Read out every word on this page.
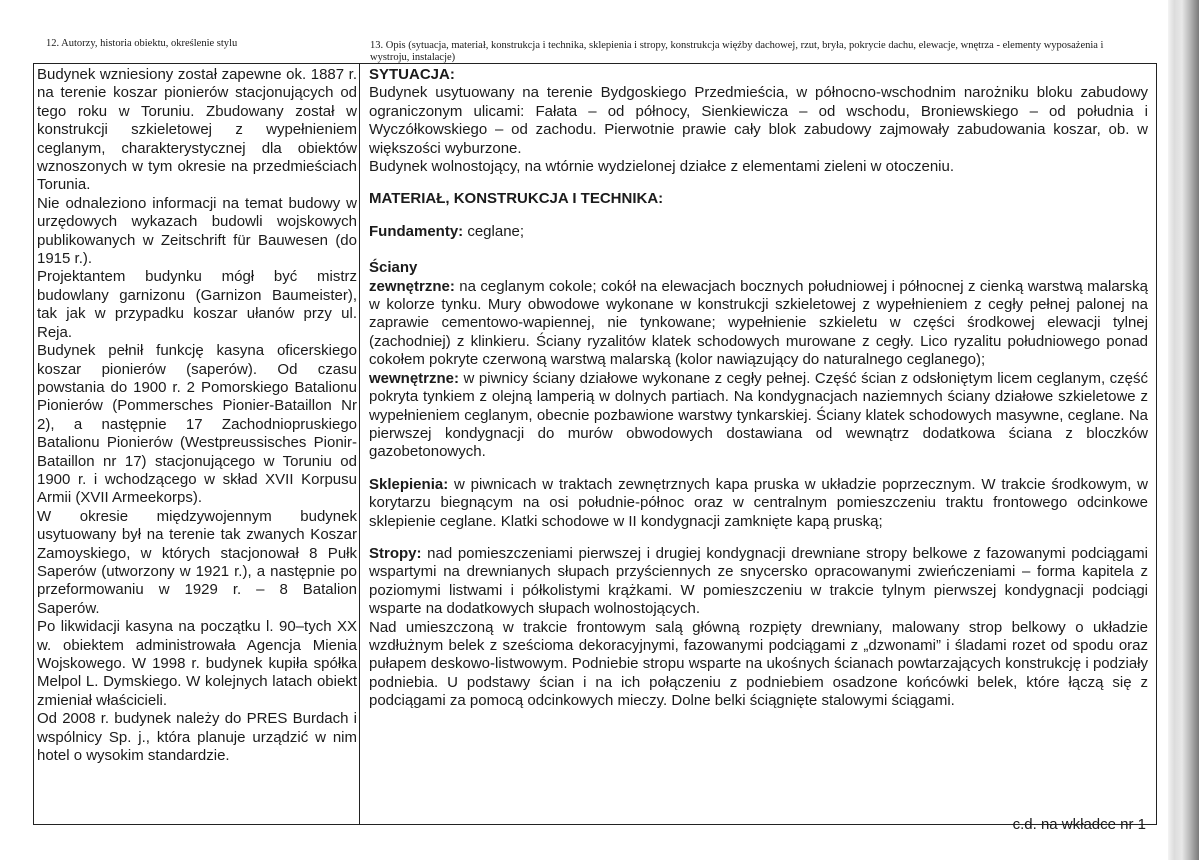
12. Autorzy, historia obiektu, określenie stylu	13. Opis (sytuacja, materiał, konstrukcja i technika, sklepienia i stropy, konstrukcja więźby dachowej, rzut, bryła, pokrycie dachu, elewacje, wnętrza - elementy wyposażenia i wystroju, instalacje)

Budynek wzniesiony został zapewne ok. 1887 r. na terenie koszar pionierów stacjonujących od tego roku w Toruniu. Zbudowany został w konstrukcji szkieletowej z wypełnieniem ceglanym, charakterystycznej dla obiektów wznoszonych w tym okresie na przedmieściach Torunia.

Nie odnaleziono informacji na temat budowy w urzędowych wykazach budowli wojskowych publikowanych w Zeitschrift für Bauwesen (do 1915 r.).

Projektantem budynku mógł być mistrz budowlany garnizonu (Garnizon Baumeister), tak jak w przypadku koszar ułanów przy ul. Reja.

Budynek pełnił funkcję kasyna oficerskiego koszar pionierów (saperów). Od czasu powstania do 1900 r. 2 Pomorskiego Batalionu Pionierów (Pommersches Pionier-Bataillon Nr 2), a następnie 17 Zachodniopruskiego Batalionu Pionierów (Westpreussisches Pionir-Bataillon nr 17) stacjonującego w Toruniu od 1900 r. i wchodzącego w skład XVII Korpusu Armii (XVII Armeekorps).

W okresie międzywojennym budynek usytuowany był na terenie tak zwanych Koszar Zamoyskiego, w których stacjonował 8 Pułk Saperów (utworzony w 1921 r.), a następnie po przeformowaniu w 1929 r. – 8 Batalion Saperów.

Po likwidacji kasyna na początku l. 90–tych XX w. obiektem administrowała Agencja Mienia Wojskowego. W 1998 r. budynek kupiła spółka Melpol L. Dymskiego. W kolejnych latach obiekt zmieniał właścicieli.

Od 2008 r. budynek należy do PRES Burdach i wspólnicy Sp. j., która planuje urządzić w nim hotel o wysokim standardzie.

SYTUACJA:

Budynek usytuowany na terenie Bydgoskiego Przedmieścia, w północno-wschodnim narożniku bloku zabudowy ograniczonym ulicami: Fałata – od północy, Sienkiewicza – od wschodu, Broniewskiego – od południa i Wyczółkowskiego – od zachodu. Pierwotnie prawie cały blok zabudowy zajmowały zabudowania koszar, ob. w większości wyburzone.

Budynek wolnostojący, na wtórnie wydzielonej działce z elementami zieleni w otoczeniu.

MATERIAŁ, KONSTRUKCJA I TECHNIKA:

Fundamenty: ceglane;

Ściany

zewnętrzne: na ceglanym cokole; cokół na elewacjach bocznych południowej i północnej z cienką warstwą malarską w kolorze tynku. Mury obwodowe wykonane w konstrukcji szkieletowej z wypełnieniem z cegły pełnej palonej na zaprawie cementowo-wapiennej, nie tynkowane; wypełnienie szkieletu w części środkowej elewacji tylnej (zachodniej) z klinkieru. Ściany ryzalitów klatek schodowych murowane z cegły. Lico ryzalitu południowego ponad cokołem pokryte czerwoną warstwą malarską (kolor nawiązujący do naturalnego ceglanego);

wewnętrzne: w piwnicy ściany działowe wykonane z cegły pełnej. Część ścian z odsłoniętym licem ceglanym, część pokryta tynkiem z olejną lamperią w dolnych partiach. Na kondygnacjach naziemnych ściany działowe szkieletowe z wypełnieniem ceglanym, obecnie pozbawione warstwy tynkarskiej. Ściany klatek schodowych masywne, ceglane. Na pierwszej kondygnacji do murów obwodowych dostawiana od wewnątrz dodatkowa ściana z bloczków gazobetonowych.

Sklepienia: w piwnicach w traktach zewnętrznych kapa pruska w układzie poprzecznym. W trakcie środkowym, w korytarzu biegnącym na osi południe-północ oraz w centralnym pomieszczeniu traktu frontowego odcinkowe sklepienie ceglane. Klatki schodowe w II kondygnacji zamknięte kapą pruską;

Stropy: nad pomieszczeniami pierwszej i drugiej kondygnacji drewniane stropy belkowe z fazowanymi podciągami wspartymi na drewnianych słupach przyściennych ze snycersko opracowanymi zwieńczeniami – forma kapitela z poziomymi listwami i półkolistymi krążkami. W pomieszczeniu w trakcie tylnym pierwszej kondygnacji podciągi wsparte na dodatkowych słupach wolnostojących.

Nad umieszczoną w trakcie frontowym salą główną rozpięty drewniany, malowany strop belkowy o układzie wzdłużnym belek z sześcioma dekoracyjnymi, fazowanymi podciągami z „dzwonami” i śladami rozet od spodu oraz pułapem deskowo-listwowym. Podniebie stropu wsparte na ukośnych ścianach powtarzających konstrukcję i podziały podniebia. U podstawy ścian i na ich połączeniu z podniebiem osadzone końcówki belek, które łączą się z podciągami za pomocą odcinkowych mieczy. Dolne belki ściągnięte stalowymi ściągami.

c.d. na wkładce nr 1
